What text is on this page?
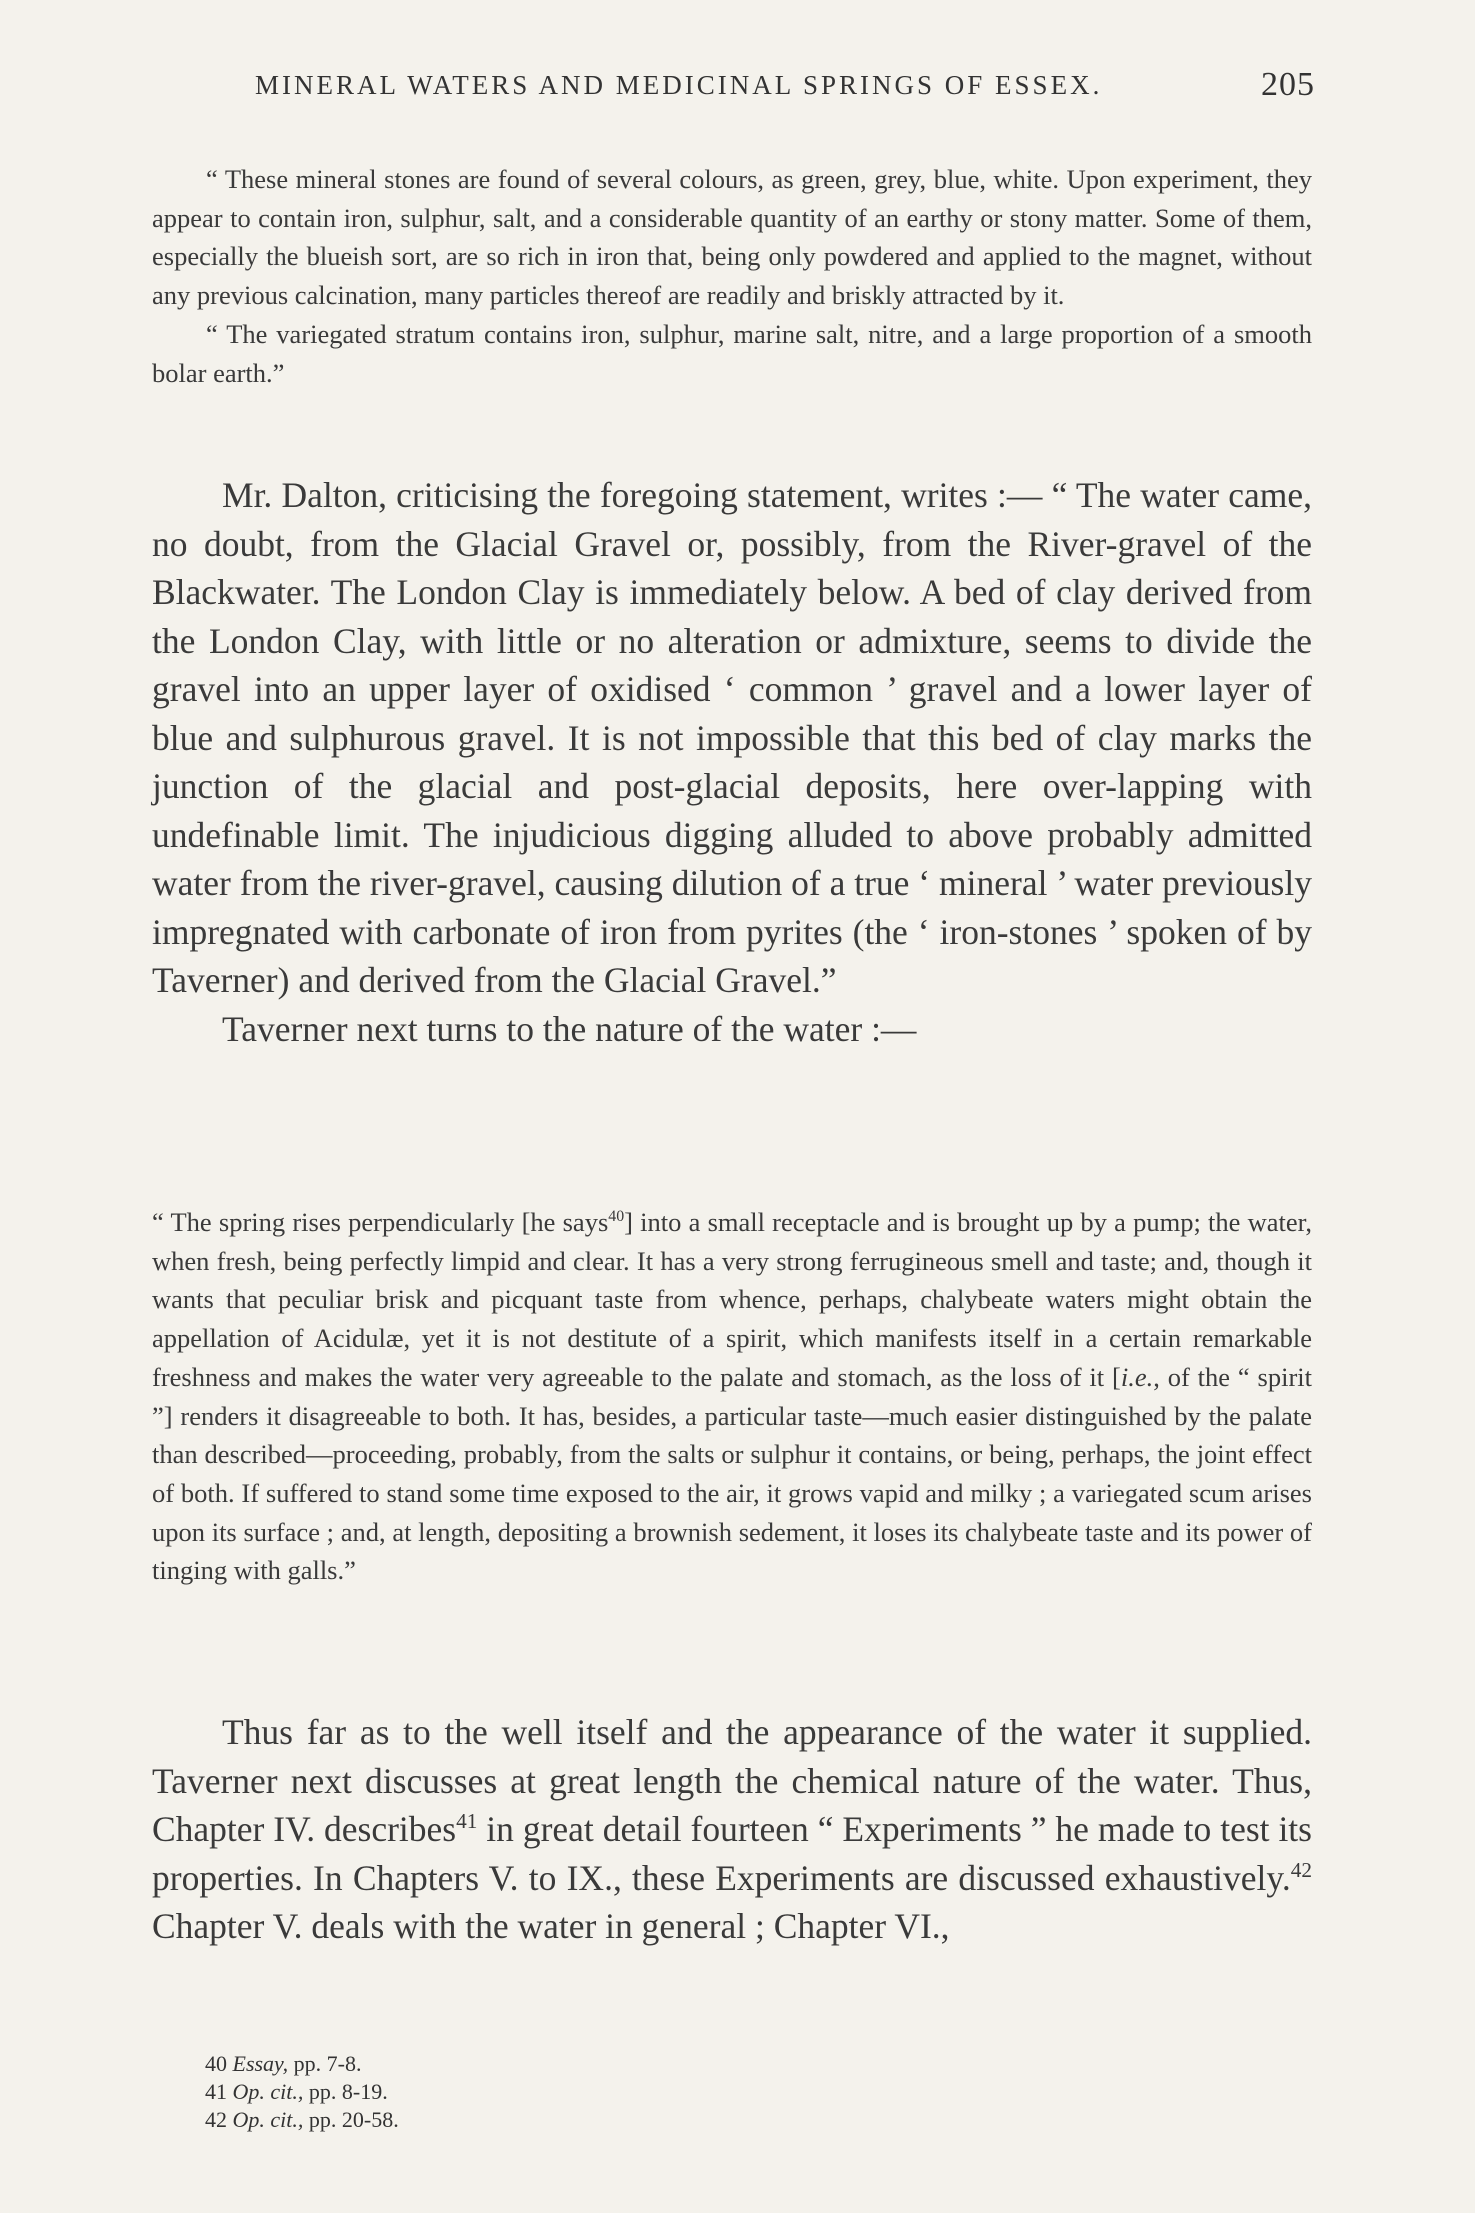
MINERAL WATERS AND MEDICINAL SPRINGS OF ESSEX.	205

“ These mineral stones are found of several colours, as green, grey, blue, white. Upon experiment, they appear to contain iron, sulphur, salt, and a considerable quantity of an earthy or stony matter. Some of them, especially the blueish sort, are so rich in iron that, being only powdered and applied to the magnet, without any previous calcination, many particles thereof are readily and briskly attracted by it.

“ The variegated stratum contains iron, sulphur, marine salt, nitre, and a large proportion of a smooth bolar earth.”

Mr. Dalton, criticising the foregoing statement, writes :— “ The water came, no doubt, from the Glacial Gravel or, possibly, from the River-gravel of the Blackwater. The London Clay is immediately below. A bed of clay derived from the London Clay, with little or no alteration or admixture, seems to divide the gravel into an upper layer of oxidised ‘ common ’ gravel and a lower layer of blue and sulphurous gravel. It is not impossible that this bed of clay marks the junction of the glacial and post-glacial deposits, here over-lapping with undefinable limit. The injudicious digging alluded to above probably admitted water from the river-gravel, causing dilution of a true ‘ mineral ’ water previously impregnated with carbonate of iron from pyrites (the ‘ iron-stones ’ spoken of by Taverner) and derived from the Glacial Gravel.”

Taverner next turns to the nature of the water :—

“ The spring rises perpendicularly [he says$^{40}$] into a small receptacle and is brought up by a pump; the water, when fresh, being perfectly limpid and clear. It has a very strong ferrugineous smell and taste; and, though it wants that peculiar brisk and picquant taste from whence, perhaps, chalybeate waters might obtain the appellation of Acidulæ, yet it is not destitute of a spirit, which manifests itself in a certain remarkable freshness and makes the water very agreeable to the palate and stomach, as the loss of it [i.e., of the “ spirit ”] renders it disagreeable to both. It has, besides, a particular taste—much easier distinguished by the palate than described—proceeding, probably, from the salts or sulphur it contains, or being, perhaps, the joint effect of both. If suffered to stand some time exposed to the air, it grows vapid and milky ; a variegated scum arises upon its surface ; and, at length, depositing a brownish sedement, it loses its chalybeate taste and its power of tinging with galls.”

Thus far as to the well itself and the appearance of the water it supplied. Taverner next discusses at great length the chemical nature of the water. Thus, Chapter IV. describes$^{41}$ in great detail fourteen “ Experiments ” he made to test its properties. In Chapters V. to IX., these Experiments are discussed exhaustively.$^{42}$ Chapter V. deals with the water in general ; Chapter VI.,

40 Essay, pp. 7-8.

41 Op. cit., pp. 8-19.

42 Op. cit., pp. 20-58.
